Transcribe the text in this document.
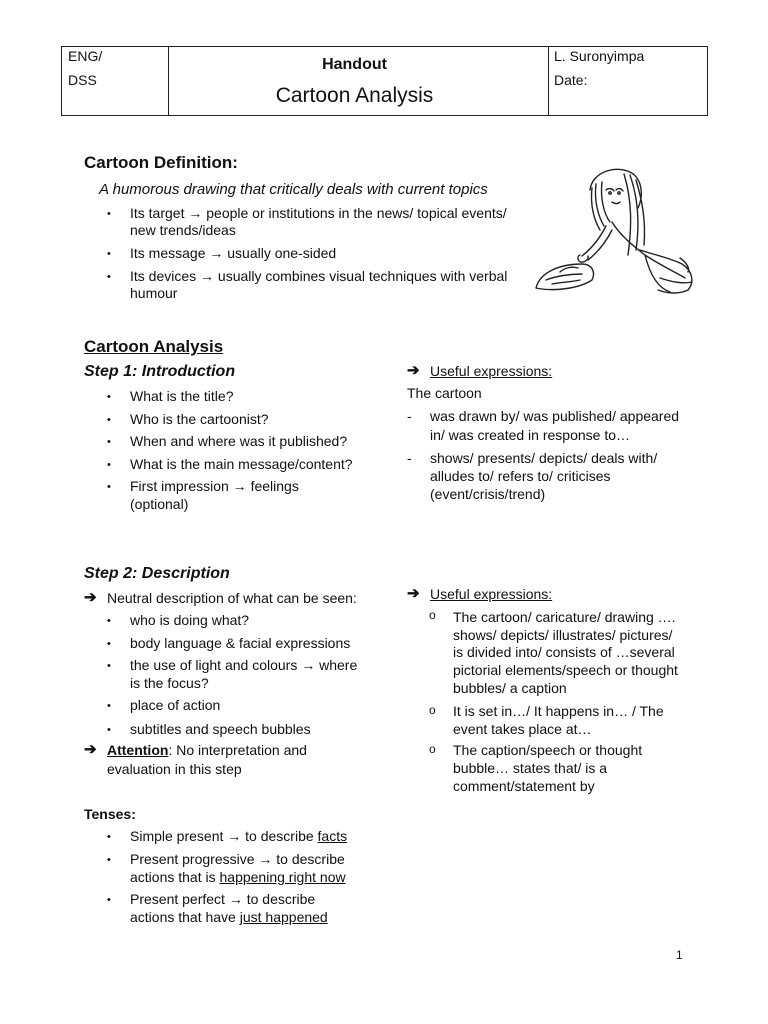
ENG/
DSS
Handout
Cartoon Analysis
L. Suronyimpa
Date:
Cartoon Definition:
A humorous drawing that critically deals with current topics
• Its target → people or institutions in the news/ topical events/
new trends/ideas
• Its message → usually one-sided
• Its devices → usually combines visual techniques with verbal
humour
Cartoon Analysis
Step 1: Introduction
• What is the title?
• Who is the cartoonist?
• When and where was it published?
• What is the main message/content?
• First impression → feelings
(optional)
➔ Useful expressions:
The cartoon
- was drawn by/ was published/ appeared
in/ was created in response to…
- shows/ presents/ depicts/ deals with/
alludes to/ refers to/ criticises
(event/crisis/trend)
Step 2: Description
➔ Neutral description of what can be seen:
• who is doing what?
• body language & facial expressions
• the use of light and colours → where
is the focus?
• place of action
• subtitles and speech bubbles
➔ Attention: No interpretation and
evaluation in this step
➔ Useful expressions:
o The cartoon/ caricature/ drawing ….
shows/ depicts/ illustrates/ pictures/
is divided into/ consists of …several
pictorial elements/speech or thought
bubbles/ a caption
o It is set in…/ It happens in… / The
event takes place at…
o The caption/speech or thought
bubble… states that/ is a
comment/statement by
Tenses:
• Simple present → to describe facts
• Present progressive → to describe
actions that is happening right now
• Present perfect → to describe
actions that have just happened
1
